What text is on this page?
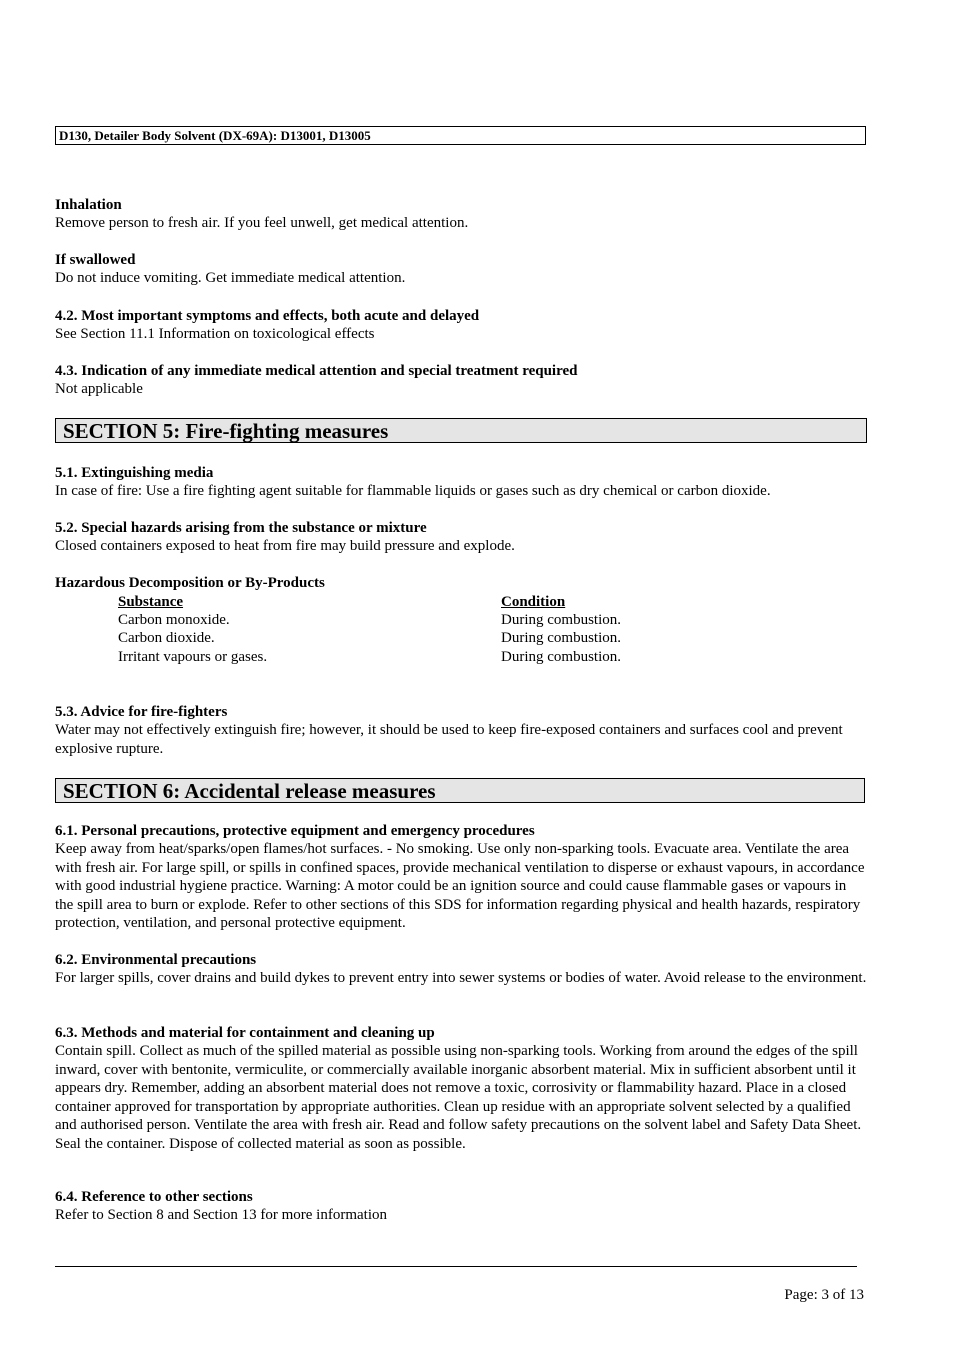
D130, Detailer Body Solvent (DX-69A): D13001, D13005
Inhalation
Remove person to fresh air. If you feel unwell, get medical attention.
If swallowed
Do not induce vomiting. Get immediate medical attention.
4.2. Most important symptoms and effects, both acute and delayed
See Section 11.1 Information on toxicological effects
4.3. Indication of any immediate medical attention and special treatment required
Not applicable
SECTION 5: Fire-fighting measures
5.1. Extinguishing media
In case of fire: Use a fire fighting agent suitable for flammable liquids or gases such as dry chemical or carbon dioxide.
5.2. Special hazards arising from the substance or mixture
Closed containers exposed to heat from fire may build pressure and explode.
Hazardous Decomposition or By-Products
Substance	Condition
Carbon monoxide.	During combustion.
Carbon dioxide.	During combustion.
Irritant vapours or gases.	During combustion.
5.3. Advice for fire-fighters
Water may not effectively extinguish fire; however, it should be used to keep fire-exposed containers and surfaces cool and prevent explosive rupture.
SECTION 6: Accidental release measures
6.1. Personal precautions, protective equipment and emergency procedures
Keep away from heat/sparks/open flames/hot surfaces. - No smoking. Use only non-sparking tools. Evacuate area. Ventilate the area with fresh air. For large spill, or spills in confined spaces, provide mechanical ventilation to disperse or exhaust vapours, in accordance with good industrial hygiene practice. Warning: A motor could be an ignition source and could cause flammable gases or vapours in the spill area to burn or explode. Refer to other sections of this SDS for information regarding physical and health hazards, respiratory protection, ventilation, and personal protective equipment.
6.2. Environmental precautions
For larger spills, cover drains and build dykes to prevent entry into sewer systems or bodies of water. Avoid release to the environment.
6.3. Methods and material for containment and cleaning up
Contain spill. Collect as much of the spilled material as possible using non-sparking tools. Working from around the edges of the spill inward, cover with bentonite, vermiculite, or commercially available inorganic absorbent material. Mix in sufficient absorbent until it appears dry. Remember, adding an absorbent material does not remove a toxic, corrosivity or flammability hazard. Place in a closed container approved for transportation by appropriate authorities. Clean up residue with an appropriate solvent selected by a qualified and authorised person. Ventilate the area with fresh air. Read and follow safety precautions on the solvent label and Safety Data Sheet. Seal the container. Dispose of collected material as soon as possible.
6.4. Reference to other sections
Refer to Section 8 and Section 13 for more information
Page: 3 of 13
